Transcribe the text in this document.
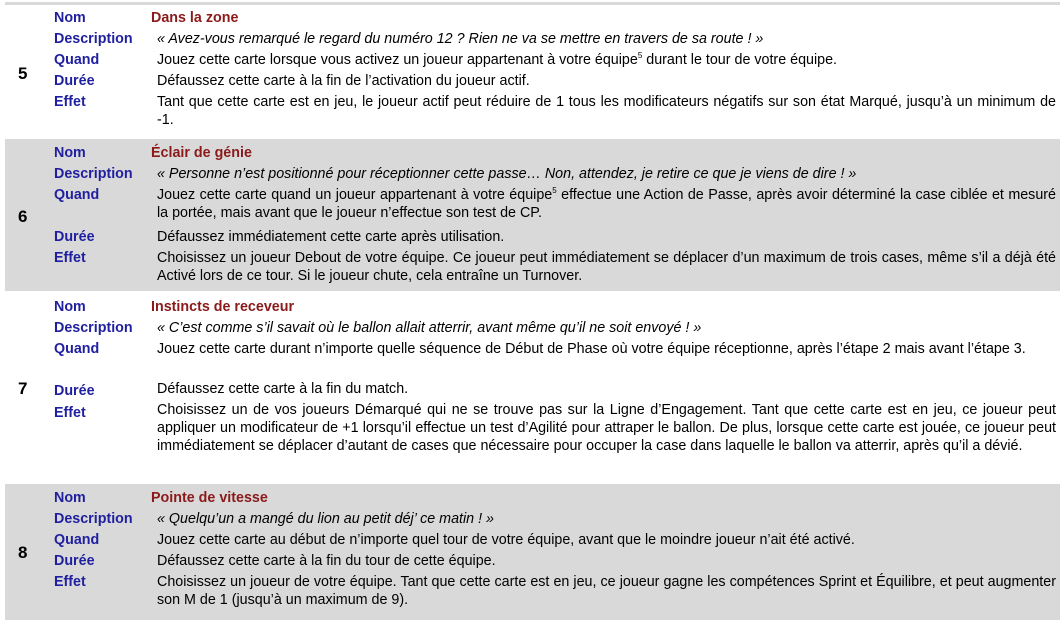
5
Nom	Dans la zone
Description « Avez-vous remarqué le regard du numéro 12 ? Rien ne va se mettre en travers de sa route ! »
Quand	Jouez cette carte lorsque vous activez un joueur appartenant à votre équipe$^5$ durant le tour de votre équipe.
Durée	Défaussez cette carte à la fin de l’activation du joueur actif.
Effet	Tant que cette carte est en jeu, le joueur actif peut réduire de 1 tous les modificateurs négatifs sur son état Marqué, jusqu’à un minimum de -1.
6
Nom	Éclair de génie
Description « Personne n’est positionné pour réceptionner cette passe… Non, attendez, je retire ce que je viens de dire ! »
Quand	Jouez cette carte quand un joueur appartenant à votre équipe$^5$ effectue une Action de Passe, après avoir déterminé la case ciblée et mesuré la portée, mais avant que le joueur n’effectue son test de CP.
Durée	Défaussez immédiatement cette carte après utilisation.
Effet	Choisissez un joueur Debout de votre équipe. Ce joueur peut immédiatement se déplacer d’un maximum de trois cases, même s’il a déjà été Activé lors de ce tour. Si le joueur chute, cela entraîne un Turnover.
7
Nom	Instincts de receveur
Description « C’est comme s’il savait où le ballon allait atterrir, avant même qu’il ne soit envoyé ! »
Quand	Jouez cette carte durant n’importe quelle séquence de Début de Phase où votre équipe réceptionne, après l’étape 2 mais avant l’étape 3.
Durée	Défaussez cette carte à la fin du match.
Effet	Choisissez un de vos joueurs Démarqué qui ne se trouve pas sur la Ligne d’Engagement. Tant que cette carte est en jeu, ce joueur peut appliquer un modificateur de +1 lorsqu’il effectue un test d’Agilité pour attraper le ballon. De plus, lorsque cette carte est jouée, ce joueur peut immédiatement se déplacer d’autant de cases que nécessaire pour occuper la case dans laquelle le ballon va atterrir, après qu’il a dévié.
8
Nom	Pointe de vitesse
Description « Quelqu’un a mangé du lion au petit déj’ ce matin ! »
Quand	Jouez cette carte au début de n’importe quel tour de votre équipe, avant que le moindre joueur n’ait été activé.
Durée	Défaussez cette carte à la fin du tour de cette équipe.
Effet	Choisissez un joueur de votre équipe. Tant que cette carte est en jeu, ce joueur gagne les compétences Sprint et Équilibre, et peut augmenter son M de 1 (jusqu’à un maximum de 9).
